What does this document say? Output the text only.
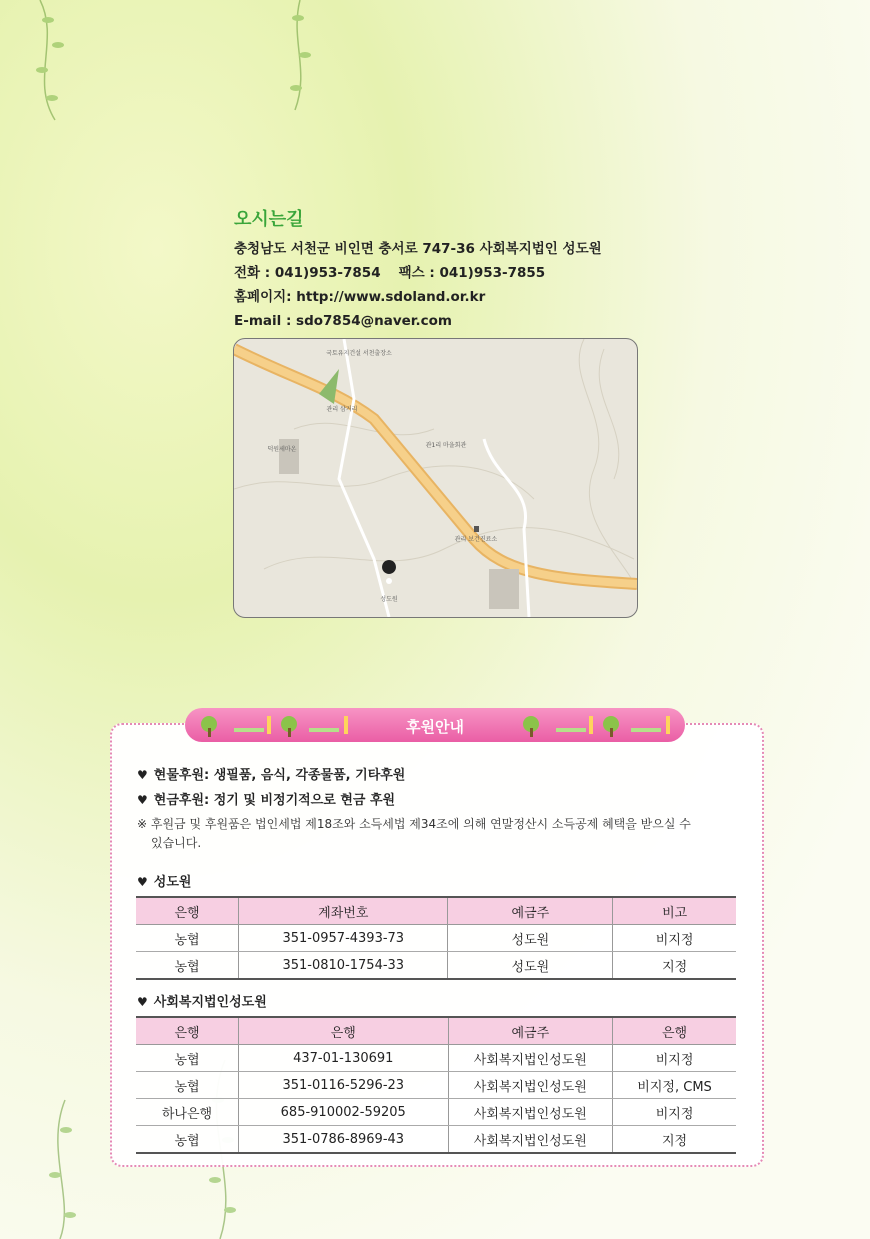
오시는길
충청남도 서천군 비인면 충서로 747-36 사회복지법인 성도원
전화 : 041)953-7854 팩스 : 041)953-7855
홈페이지: http://www.sdoland.or.kr
E-mail : sdo7854@naver.com
국토유지건설 서천출장소
관리 삼거리
관1리 마을회관
덕원세마온
관리 보건진료소
성도원
후원안내
♥ 현물후원: 생필품, 음식, 각종물품, 기타후원
♥ 현금후원: 정기 및 비정기적으로 현금 후원
※ 후원금 및 후원품은 법인세법 제18조와 소득세법 제34조에 의해 연말정산시 소득공제 혜택을 받으실 수
있습니다.
♥ 성도원
은행	계좌번호	예금주	비고
농협	351-0957-4393-73	성도원	비지정
농협	351-0810-1754-33	성도원	지정
♥ 사회복지법인성도원
은행	은행	예금주	은행
농협	437-01-130691	사회복지법인성도원	비지정
농협	351-0116-5296-23	사회복지법인성도원	비지정, CMS
하나은행	685-910002-59205	사회복지법인성도원	비지정
농협	351-0786-8969-43	사회복지법인성도원	지정
